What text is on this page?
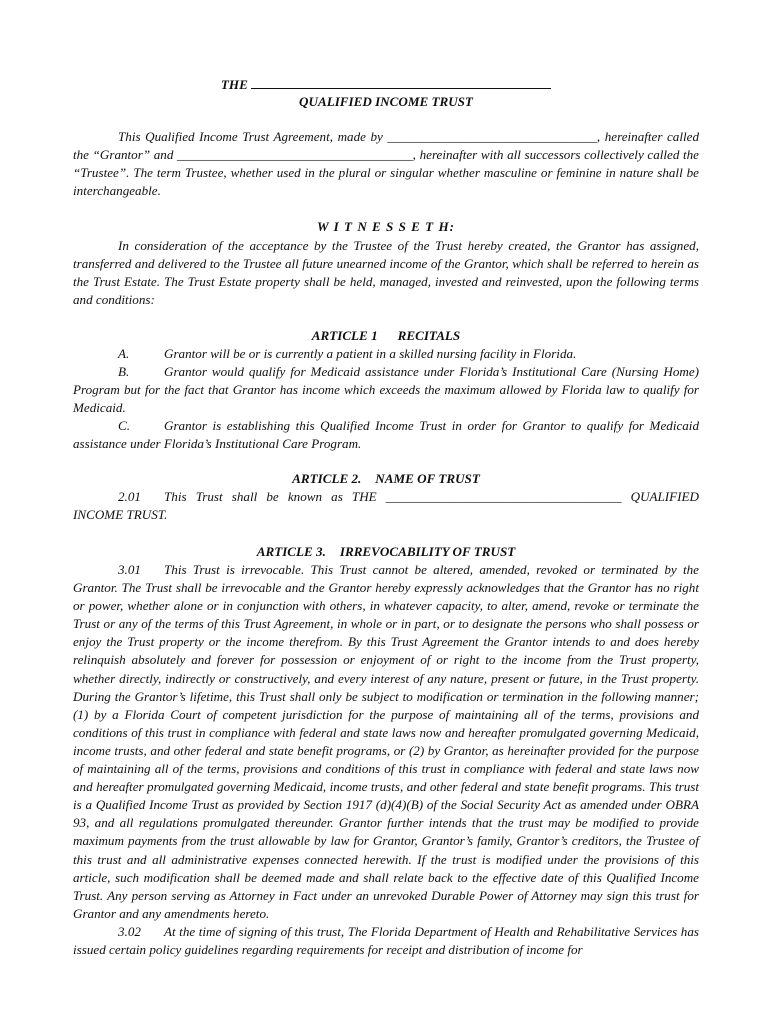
THE
QUALIFIED INCOME TRUST
This Qualified Income Trust Agreement, made by ________________________________, hereinafter called the “Grantor” and ____________________________________, hereinafter with all successors collectively called the “Trustee”. The term Trustee, whether used in the plural or singular whether masculine or feminine in nature shall be interchangeable.
W I T N E S S E T H:
In consideration of the acceptance by the Trustee of the Trust hereby created, the Grantor has assigned, transferred and delivered to the Trustee all future unearned income of the Grantor, which shall be referred to herein as the Trust Estate. The Trust Estate property shall be held, managed, invested and reinvested, upon the following terms and conditions:
ARTICLE 1 RECITALS
A.	Grantor will be or is currently a patient in a skilled nursing facility in Florida.
B.	Grantor would qualify for Medicaid assistance under Florida’s Institutional Care (Nursing Home) Program but for the fact that Grantor has income which exceeds the maximum allowed by Florida law to qualify for Medicaid.
C.	Grantor is establishing this Qualified Income Trust in order for Grantor to qualify for Medicaid assistance under Florida’s Institutional Care Program.
ARTICLE 2. NAME OF TRUST
2.01 This Trust shall be known as THE ____________________________________ QUALIFIED INCOME TRUST.
ARTICLE 3. IRREVOCABILITY OF TRUST
3.01 This Trust is irrevocable. This Trust cannot be altered, amended, revoked or terminated by the Grantor. The Trust shall be irrevocable and the Grantor hereby expressly acknowledges that the Grantor has no right or power, whether alone or in conjunction with others, in whatever capacity, to alter, amend, revoke or terminate the Trust or any of the terms of this Trust Agreement, in whole or in part, or to designate the persons who shall possess or enjoy the Trust property or the income therefrom. By this Trust Agreement the Grantor intends to and does hereby relinquish absolutely and forever for possession or enjoyment of or right to the income from the Trust property, whether directly, indirectly or constructively, and every interest of any nature, present or future, in the Trust property. During the Grantor’s lifetime, this Trust shall only be subject to modification or termination in the following manner; (1) by a Florida Court of competent jurisdiction for the purpose of maintaining all of the terms, provisions and conditions of this trust in compliance with federal and state laws now and hereafter promulgated governing Medicaid, income trusts, and other federal and state benefit programs, or (2) by Grantor, as hereinafter provided for the purpose of maintaining all of the terms, provisions and conditions of this trust in compliance with federal and state laws now and hereafter promulgated governing Medicaid, income trusts, and other federal and state benefit programs. This trust is a Qualified Income Trust as provided by Section 1917 (d)(4)(B) of the Social Security Act as amended under OBRA 93, and all regulations promulgated thereunder. Grantor further intends that the trust may be modified to provide maximum payments from the trust allowable by law for Grantor, Grantor’s family, Grantor’s creditors, the Trustee of this trust and all administrative expenses connected herewith. If the trust is modified under the provisions of this article, such modification shall be deemed made and shall relate back to the effective date of this Qualified Income Trust. Any person serving as Attorney in Fact under an unrevoked Durable Power of Attorney may sign this trust for Grantor and any amendments hereto.
3.02 At the time of signing of this trust, The Florida Department of Health and Rehabilitative Services has issued certain policy guidelines regarding requirements for receipt and distribution of income for
